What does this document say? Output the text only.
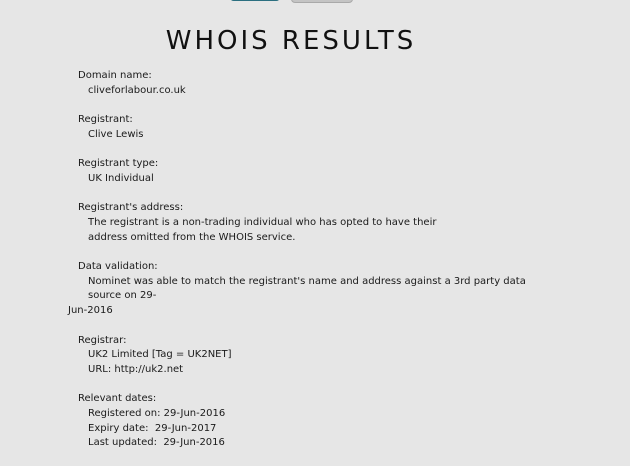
WHOIS RESULTS
Domain name:
cliveforlabour.co.uk
Registrant:
Clive Lewis
Registrant type:
UK Individual
Registrant's address:
The registrant is a non-trading individual who has opted to have their
address omitted from the WHOIS service.
Data validation:
Nominet was able to match the registrant's name and address against a 3rd party data source on 29-
Jun-2016
Registrar:
UK2 Limited [Tag = UK2NET]
URL: http://uk2.net
Relevant dates:
Registered on: 29-Jun-2016
Expiry date:  29-Jun-2017
Last updated:  29-Jun-2016
